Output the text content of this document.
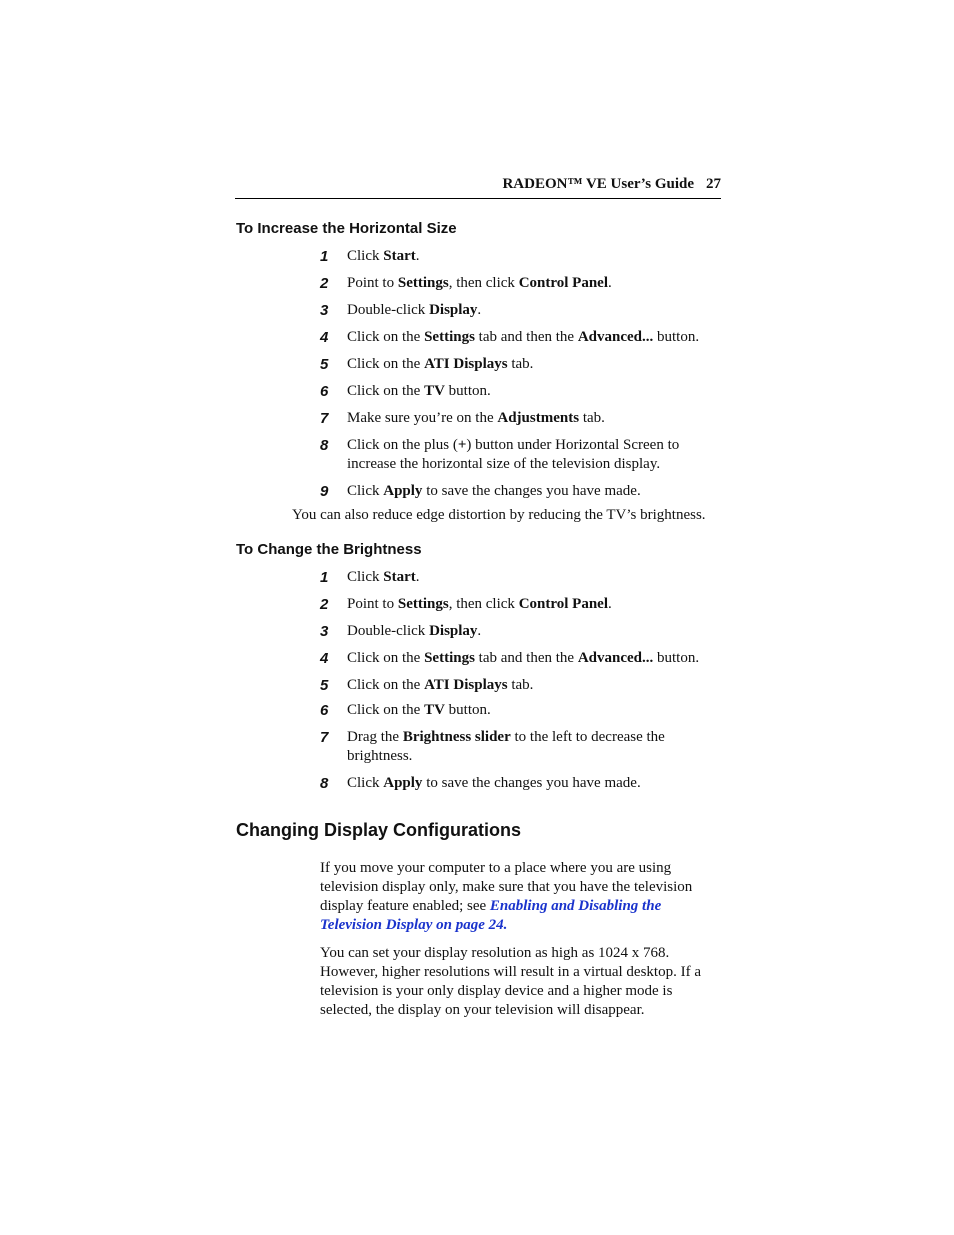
RADEON™ VE User’s Guide 27
To Increase the Horizontal Size
1 Click Start.
2 Point to Settings, then click Control Panel.
3 Double-click Display.
4 Click on the Settings tab and then the Advanced... button.
5 Click on the ATI Displays tab.
6 Click on the TV button.
7 Make sure you’re on the Adjustments tab.
8 Click on the plus (+) button under Horizontal Screen to increase the horizontal size of the television display.
9 Click Apply to save the changes you have made.
You can also reduce edge distortion by reducing the TV’s brightness.
To Change the Brightness
1 Click Start.
2 Point to Settings, then click Control Panel.
3 Double-click Display.
4 Click on the Settings tab and then the Advanced... button.
5 Click on the ATI Displays tab.
6 Click on the TV button.
7 Drag the Brightness slider to the left to decrease the brightness.
8 Click Apply to save the changes you have made.
Changing Display Configurations

If you move your computer to a place where you are using television display only, make sure that you have the television display feature enabled; see Enabling and Disabling the Television Display on page 24.

You can set your display resolution as high as 1024 x 768. However, higher resolutions will result in a virtual desktop. If a television is your only display device and a higher mode is selected, the display on your television will disappear.
